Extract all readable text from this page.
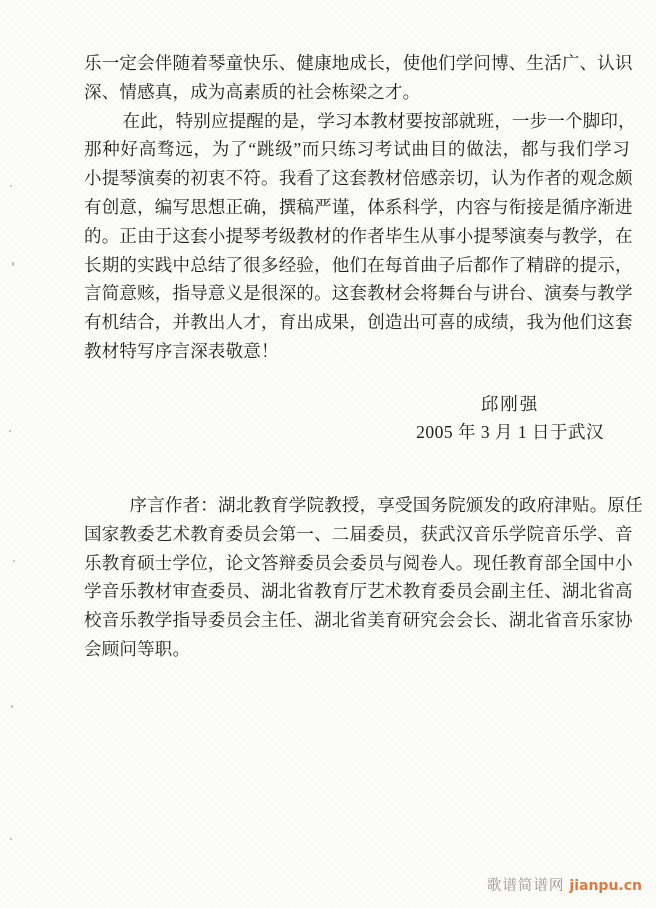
乐一定会伴随着琴童快乐、健康地成长，使他们学问博、生活广、认识
深、情感真，成为高素质的社会栋梁之才。
在此，特别应提醒的是，学习本教材要按部就班，一步一个脚印，
那种好高骛远，为了“跳级”而只练习考试曲目的做法，都与我们学习
小提琴演奏的初衷不符。我看了这套教材倍感亲切，认为作者的观念颇
有创意，编写思想正确，撰稿严谨，体系科学，内容与衔接是循序渐进
的。正由于这套小提琴考级教材的作者毕生从事小提琴演奏与教学，在
长期的实践中总结了很多经验，他们在每首曲子后都作了精辟的提示，
言简意赅，指导意义是很深的。这套教材会将舞台与讲台、演奏与教学
有机结合，并教出人才，育出成果，创造出可喜的成绩，我为他们这套
教材特写序言深表敬意！
邱刚强
2005 年 3 月 1 日于武汉
序言作者：湖北教育学院教授，享受国务院颁发的政府津贴。原任
国家教委艺术教育委员会第一、二届委员，获武汉音乐学院音乐学、音
乐教育硕士学位，论文答辩委员会委员与阅卷人。现任教育部全国中小
学音乐教材审查委员、湖北省教育厅艺术教育委员会副主任、湖北省高
校音乐教学指导委员会主任、湖北省美育研究会会长、湖北省音乐家协
会顾问等职。
歌谱简谱网 jianpu.cn
